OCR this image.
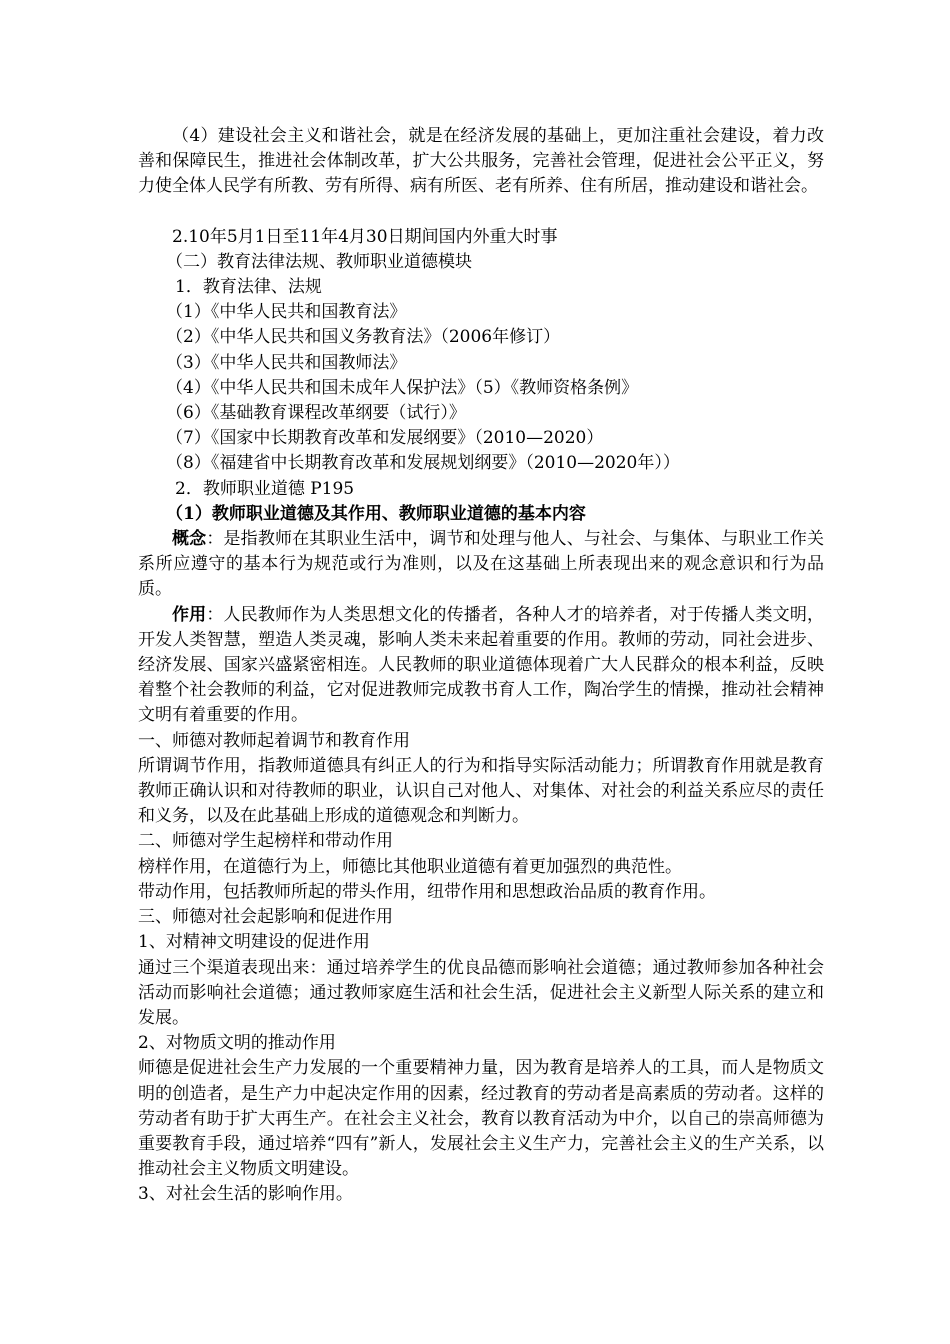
（4）建设社会主义和谐社会，就是在经济发展的基础上，更加注重社会建设，着力改善和保障民生，推进社会体制改革，扩大公共服务，完善社会管理，促进社会公平正义，努力使全体人民学有所教、劳有所得、病有所医、老有所养、住有所居，推动建设和谐社会。

2.10年5月1日至11年4月30日期间国内外重大时事

（二）教育法律法规、教师职业道德模块

1．教育法律、法规

（1）《中华人民共和国教育法》

（2）《中华人民共和国义务教育法》（2006年修订）

（3）《中华人民共和国教师法》

（4）《中华人民共和国未成年人保护法》（5）《教师资格条例》

（6）《基础教育课程改革纲要（试行）》

（7）《国家中长期教育改革和发展纲要》（2010—2020）

（8）《福建省中长期教育改革和发展规划纲要》（2010—2020年））

2．教师职业道德 P195

（1）教师职业道德及其作用、教师职业道德的基本内容

概念：是指教师在其职业生活中，调节和处理与他人、与社会、与集体、与职业工作关系所应遵守的基本行为规范或行为准则，以及在这基础上所表现出来的观念意识和行为品质。

作用：人民教师作为人类思想文化的传播者，各种人才的培养者，对于传播人类文明，开发人类智慧，塑造人类灵魂，影响人类未来起着重要的作用。教师的劳动，同社会进步、经济发展、国家兴盛紧密相连。人民教师的职业道德体现着广大人民群众的根本利益，反映着整个社会教师的利益，它对促进教师完成教书育人工作，陶冶学生的情操，推动社会精神文明有着重要的作用。

一、师德对教师起着调节和教育作用

所谓调节作用，指教师道德具有纠正人的行为和指导实际活动能力；所谓教育作用就是教育教师正确认识和对待教师的职业，认识自己对他人、对集体、对社会的利益关系应尽的责任和义务，以及在此基础上形成的道德观念和判断力。

二、师德对学生起榜样和带动作用

榜样作用，在道德行为上，师德比其他职业道德有着更加强烈的典范性。

带动作用，包括教师所起的带头作用，纽带作用和思想政治品质的教育作用。

三、师德对社会起影响和促进作用

1、对精神文明建设的促进作用

通过三个渠道表现出来：通过培养学生的优良品德而影响社会道德；通过教师参加各种社会活动而影响社会道德；通过教师家庭生活和社会生活，促进社会主义新型人际关系的建立和发展。

2、对物质文明的推动作用

师德是促进社会生产力发展的一个重要精神力量，因为教育是培养人的工具，而人是物质文明的创造者，是生产力中起决定作用的因素，经过教育的劳动者是高素质的劳动者。这样的劳动者有助于扩大再生产。在社会主义社会，教育以教育活动为中介，以自己的崇高师德为重要教育手段，通过培养“四有”新人，发展社会主义生产力，完善社会主义的生产关系，以推动社会主义物质文明建设。

3、对社会生活的影响作用。
